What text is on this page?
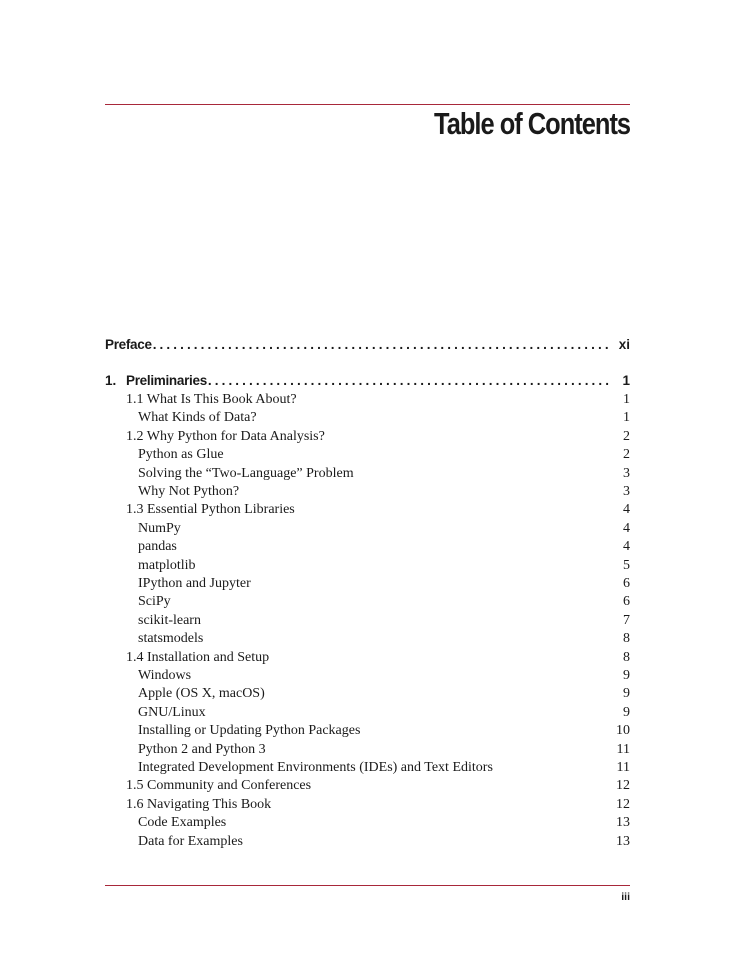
Table of Contents
Preface .....	xi
1. Preliminaries .....	1
1.1 What Is This Book About?	1
What Kinds of Data?	1
1.2 Why Python for Data Analysis?	2
Python as Glue	2
Solving the “Two-Language” Problem	3
Why Not Python?	3
1.3 Essential Python Libraries	4
NumPy	4
pandas	4
matplotlib	5
IPython and Jupyter	6
SciPy	6
scikit-learn	7
statsmodels	8
1.4 Installation and Setup	8
Windows	9
Apple (OS X, macOS)	9
GNU/Linux	9
Installing or Updating Python Packages	10
Python 2 and Python 3	11
Integrated Development Environments (IDEs) and Text Editors	11
1.5 Community and Conferences	12
1.6 Navigating This Book	12
Code Examples	13
Data for Examples	13
iii
